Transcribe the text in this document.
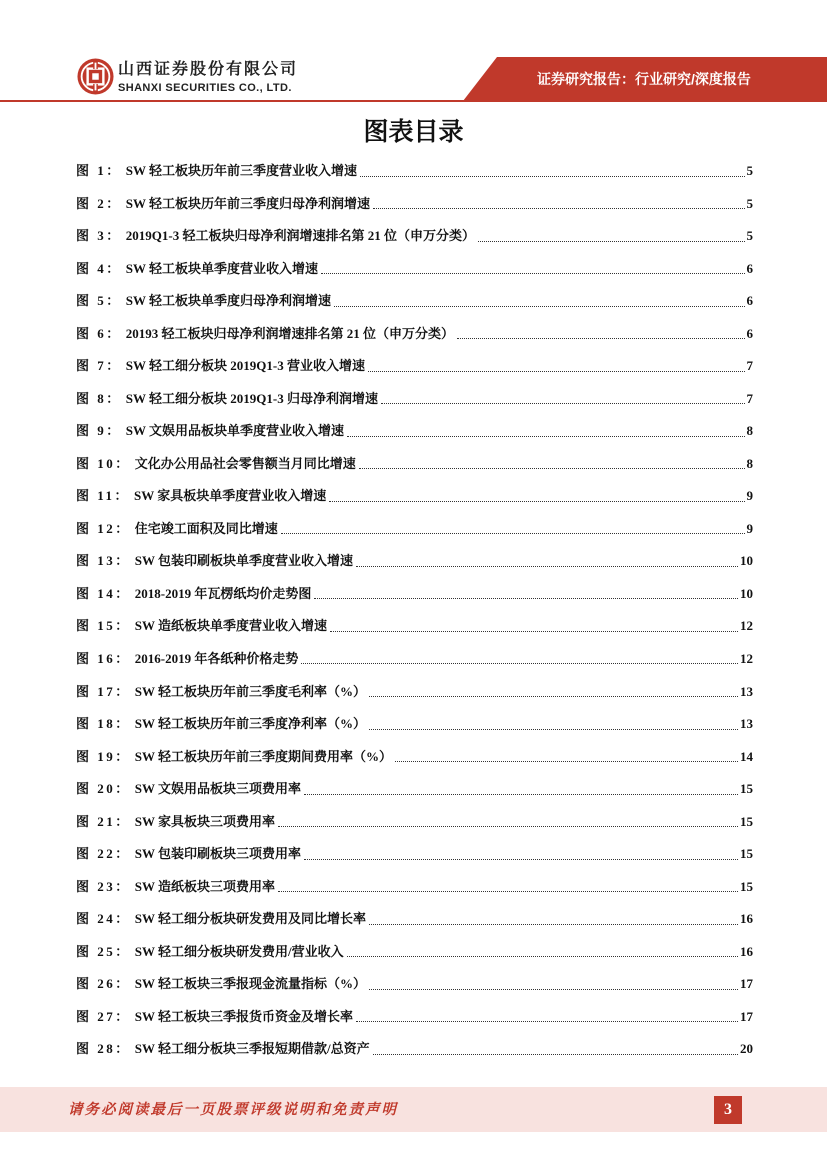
山西证券股份有限公司
SHANXI SECURITIES CO., LTD.
证券研究报告：行业研究/深度报告
图表目录
图 1： SW 轻工板块历年前三季度营业收入增速	5
图 2： SW 轻工板块历年前三季度归母净利润增速	5
图 3： 2019Q1-3 轻工板块归母净利润增速排名第 21 位（申万分类）	5
图 4： SW 轻工板块单季度营业收入增速	6
图 5： SW 轻工板块单季度归母净利润增速	6
图 6： 20193 轻工板块归母净利润增速排名第 21 位（申万分类）	6
图 7： SW 轻工细分板块 2019Q1-3 营业收入增速	7
图 8： SW 轻工细分板块 2019Q1-3 归母净利润增速	7
图 9： SW 文娱用品板块单季度营业收入增速	8
图 10： 文化办公用品社会零售额当月同比增速	8
图 11： SW 家具板块单季度营业收入增速	9
图 12： 住宅竣工面积及同比增速	9
图 13： SW 包装印刷板块单季度营业收入增速	10
图 14： 2018-2019 年瓦楞纸均价走势图	10
图 15： SW 造纸板块单季度营业收入增速	12
图 16： 2016-2019 年各纸种价格走势	12
图 17： SW 轻工板块历年前三季度毛利率（%）	13
图 18： SW 轻工板块历年前三季度净利率（%）	13
图 19： SW 轻工板块历年前三季度期间费用率（%）	14
图 20： SW 文娱用品板块三项费用率	15
图 21： SW 家具板块三项费用率	15
图 22： SW 包装印刷板块三项费用率	15
图 23： SW 造纸板块三项费用率	15
图 24： SW 轻工细分板块研发费用及同比增长率	16
图 25： SW 轻工细分板块研发费用/营业收入	16
图 26： SW 轻工板块三季报现金流量指标（%）	17
图 27： SW 轻工板块三季报货币资金及增长率	17
图 28： SW 轻工细分板块三季报短期借款/总资产	20
请务必阅读最后一页股票评级说明和免责声明	3
